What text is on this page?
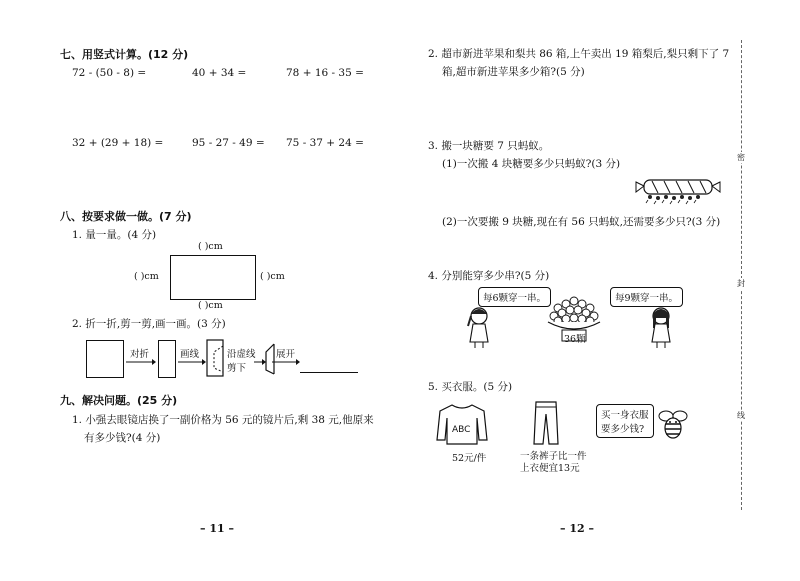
七、用竖式计算。(12 分)
72 - (50 - 8) =	40 + 34 =	78 + 16 - 35 =
32 + (29 + 18) =	95 - 27 - 49 = 75 - 37 + 24 =
八、按要求做一做。(7 分)
1. 量一量。(4 分)
( )cm
( )cm	( )cm
( )cm
2. 折一折,剪一剪,画一画。(3 分)
对折	画线	沿虚线
剪下
展开
九、解决问题。(25 分)
1. 小强去眼镜店换了一副价格为 56 元的镜片后,剩 38 元,他原来
有多少钱?(4 分)
– 11 –
2. 超市新进苹果和梨共 86 箱,上午卖出 19 箱梨后,梨只剩下了 7
箱,超市新进苹果多少箱?(5 分)
3. 搬一块糖要 7 只蚂蚁。
(1)一次搬 4 块糖要多少只蚂蚁?(3 分)
(2)一次要搬 9 块糖,现在有 56 只蚂蚁,还需要多少只?(3 分)
4. 分别能穿多少串?(5 分)
每6颗穿一串。
36颗
每9颗穿一串。
5. 买衣服。(5 分)
ABC
52元/件	一条裤子比一件
上衣便宜13元
买一身衣服
要多少钱?
– 12 –
密
封
线
